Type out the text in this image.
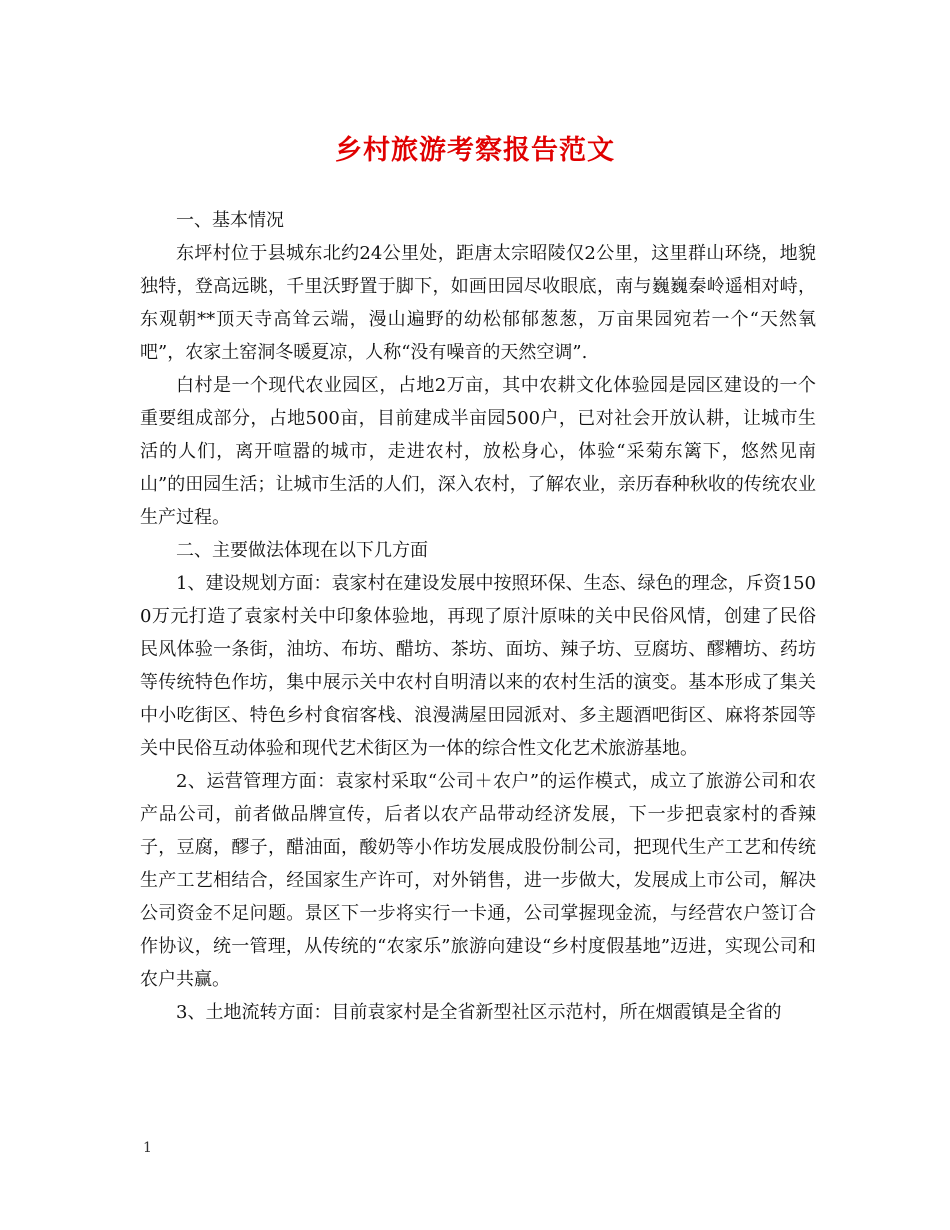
乡村旅游考察报告范文

一、基本情况

东坪村位于县城东北约24公里处，距唐太宗昭陵仅2公里，这里群山环绕，地貌独特，登高远眺，千里沃野置于脚下，如画田园尽收眼底，南与巍巍秦岭遥相对峙，东观朝**顶天寺高耸云端，漫山遍野的幼松郁郁葱葱，万亩果园宛若一个“天然氧吧”，农家土窑洞冬暖夏凉，人称“没有噪音的天然空调”.

白村是一个现代农业园区，占地2万亩，其中农耕文化体验园是园区建设的一个重要组成部分，占地500亩，目前建成半亩园500户，已对社会开放认耕，让城市生活的人们，离开喧嚣的城市，走进农村，放松身心，体验“采菊东篱下，悠然见南山”的田园生活；让城市生活的人们，深入农村，了解农业，亲历春种秋收的传统农业生产过程。

二、主要做法体现在以下几方面

1、建设规划方面：袁家村在建设发展中按照环保、生态、绿色的理念，斥资1500万元打造了袁家村关中印象体验地，再现了原汁原味的关中民俗风情，创建了民俗民风体验一条街，油坊、布坊、醋坊、茶坊、面坊、辣子坊、豆腐坊、醪糟坊、药坊等传统特色作坊，集中展示关中农村自明清以来的农村生活的演变。基本形成了集关中小吃街区、特色乡村食宿客栈、浪漫满屋田园派对、多主题酒吧街区、麻将茶园等关中民俗互动体验和现代艺术街区为一体的综合性文化艺术旅游基地。

2、运营管理方面：袁家村采取“公司＋农户”的运作模式，成立了旅游公司和农产品公司，前者做品牌宣传，后者以农产品带动经济发展，下一步把袁家村的香辣子，豆腐，醪子，醋油面，酸奶等小作坊发展成股份制公司，把现代生产工艺和传统生产工艺相结合，经国家生产许可，对外销售，进一步做大，发展成上市公司，解决公司资金不足问题。景区下一步将实行一卡通，公司掌握现金流，与经营农户签订合作协议，统一管理，从传统的“农家乐”旅游向建设“乡村度假基地”迈进，实现公司和农户共赢。

3、土地流转方面：目前袁家村是全省新型社区示范村，所在烟霞镇是全省的

1
